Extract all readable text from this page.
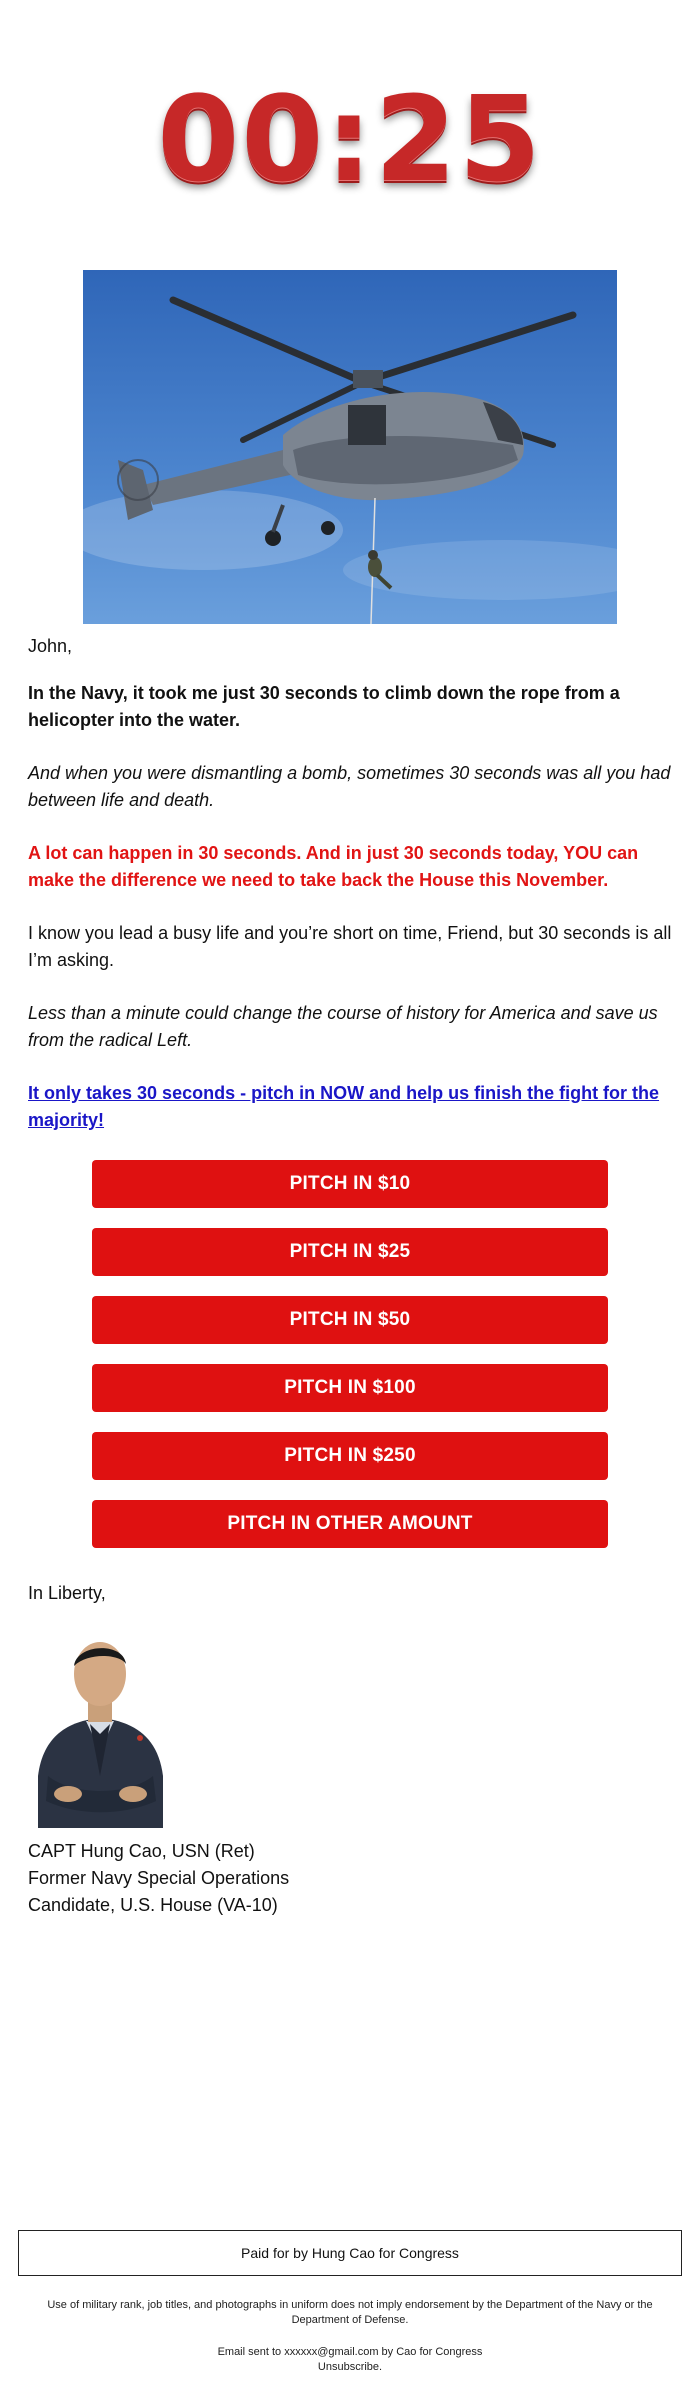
00:25

John,

In the Navy, it took me just 30 seconds to climb down the rope from a helicopter into the water.

And when you were dismantling a bomb, sometimes 30 seconds was all you had between life and death.

A lot can happen in 30 seconds. And in just 30 seconds today, YOU can make the difference we need to take back the House this November.

I know you lead a busy life and you’re short on time, Friend, but 30 seconds is all I’m asking.

Less than a minute could change the course of history for America and save us from the radical Left.

It only takes 30 seconds - pitch in NOW and help us finish the fight for the majority!

PITCH IN $10
PITCH IN $25
PITCH IN $50
PITCH IN $100
PITCH IN $250
PITCH IN OTHER AMOUNT

In Liberty,

CAPT Hung Cao, USN (Ret)
Former Navy Special Operations
Candidate, U.S. House (VA-10)
Paid for by Hung Cao for Congress
Use of military rank, job titles, and photographs in uniform does not imply endorsement by the Department of the Navy or the Department of Defense.
Email sent to xxxxxx@gmail.com by Cao for Congress
Unsubscribe.
